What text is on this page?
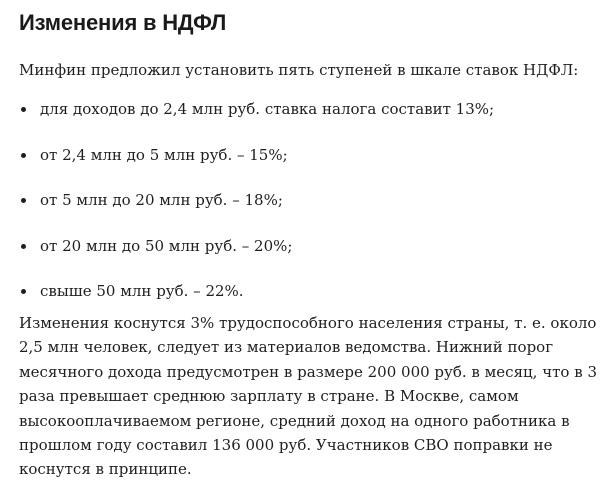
Изменения в НДФЛ

Минфин предложил установить пять ступеней в шкале ставок НДФЛ:

для доходов до 2,4 млн руб. ставка налога составит 13%;
от 2,4 млн до 5 млн руб. – 15%;
от 5 млн до 20 млн руб. – 18%;
от 20 млн до 50 млн руб. – 20%;
свыше 50 млн руб. – 22%.

Изменения коснутся 3% трудоспособного населения страны, т. е. около
2,5 млн человек, следует из материалов ведомства. Нижний порог
месячного дохода предусмотрен в размере 200 000 руб. в месяц, что в 3
раза превышает среднюю зарплату в стране. В Москве, самом
высокооплачиваемом регионе, средний доход на одного работника в
прошлом году составил 136 000 руб. Участников СВО поправки не
коснутся в принципе.
